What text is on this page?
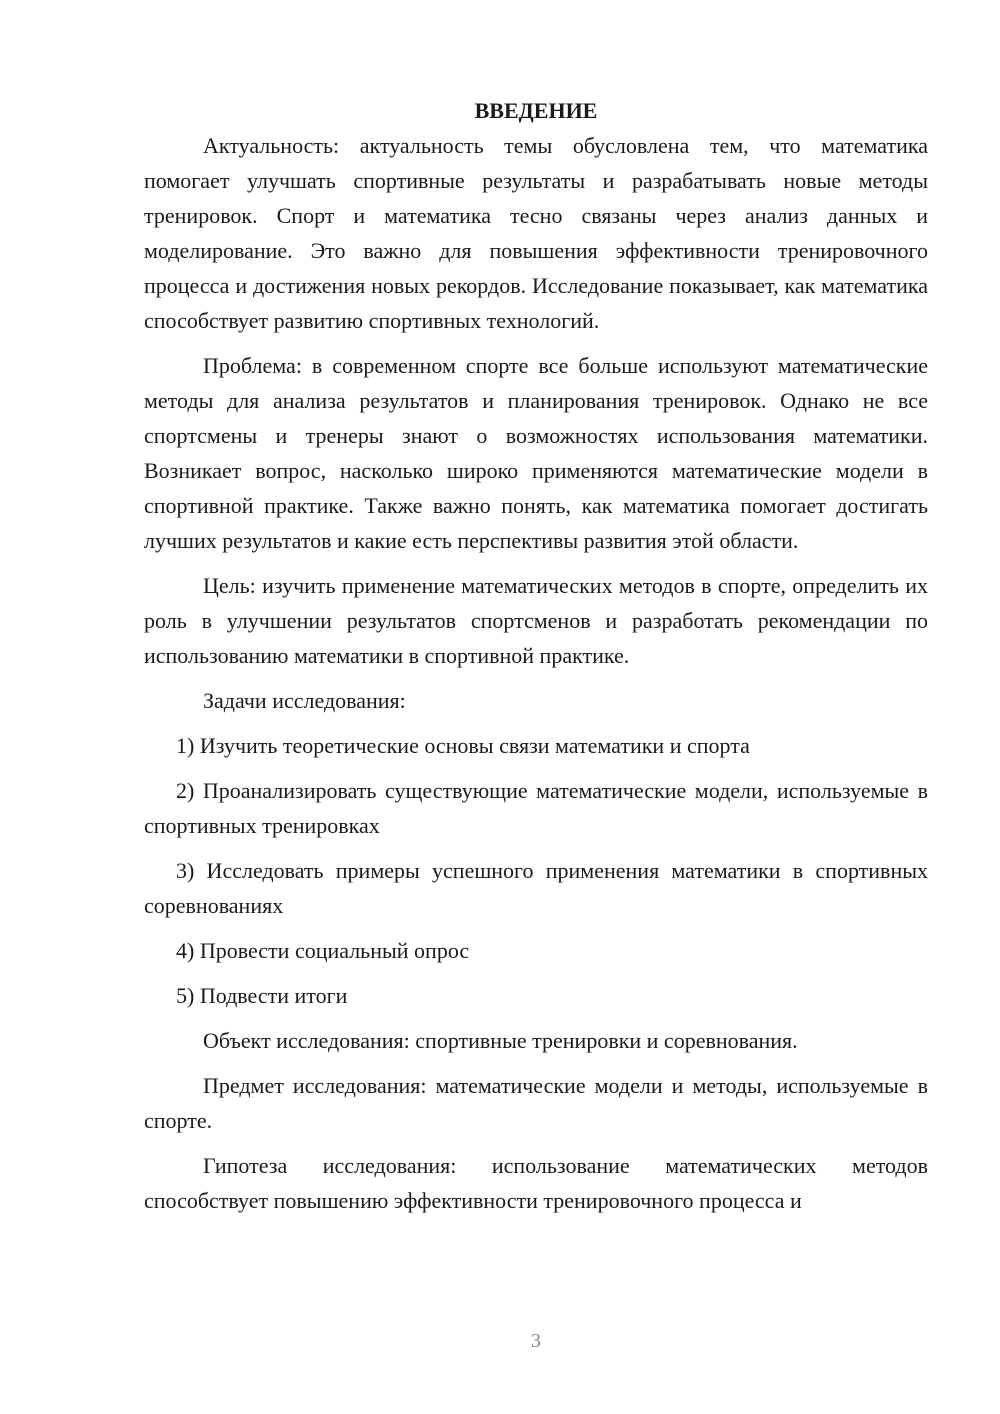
ВВЕДЕНИЕ

Актуальность: актуальность темы обусловлена тем, что математика помогает улучшать спортивные результаты и разрабатывать новые методы тренировок. Спорт и математика тесно связаны через анализ данных и моделирование. Это важно для повышения эффективности тренировочного процесса и достижения новых рекордов. Исследование показывает, как математика способствует развитию спортивных технологий.

Проблема: в современном спорте все больше используют математические методы для анализа результатов и планирования тренировок. Однако не все спортсмены и тренеры знают о возможностях использования математики. Возникает вопрос, насколько широко применяются математические модели в спортивной практике. Также важно понять, как математика помогает достигать лучших результатов и какие есть перспективы развития этой области.

Цель: изучить применение математических методов в спорте, определить их роль в улучшении результатов спортсменов и разработать рекомендации по использованию математики в спортивной практике.

Задачи исследования:

1) Изучить теоретические основы связи математики и спорта

2) Проанализировать существующие математические модели, используемые в спортивных тренировках

3) Исследовать примеры успешного применения математики в спортивных соревнованиях

4) Провести социальный опрос

5) Подвести итоги

Объект исследования: спортивные тренировки и соревнования.

Предмет исследования: математические модели и методы, используемые в спорте.

Гипотеза исследования: использование математических методов способствует повышению эффективности тренировочного процесса и

3
